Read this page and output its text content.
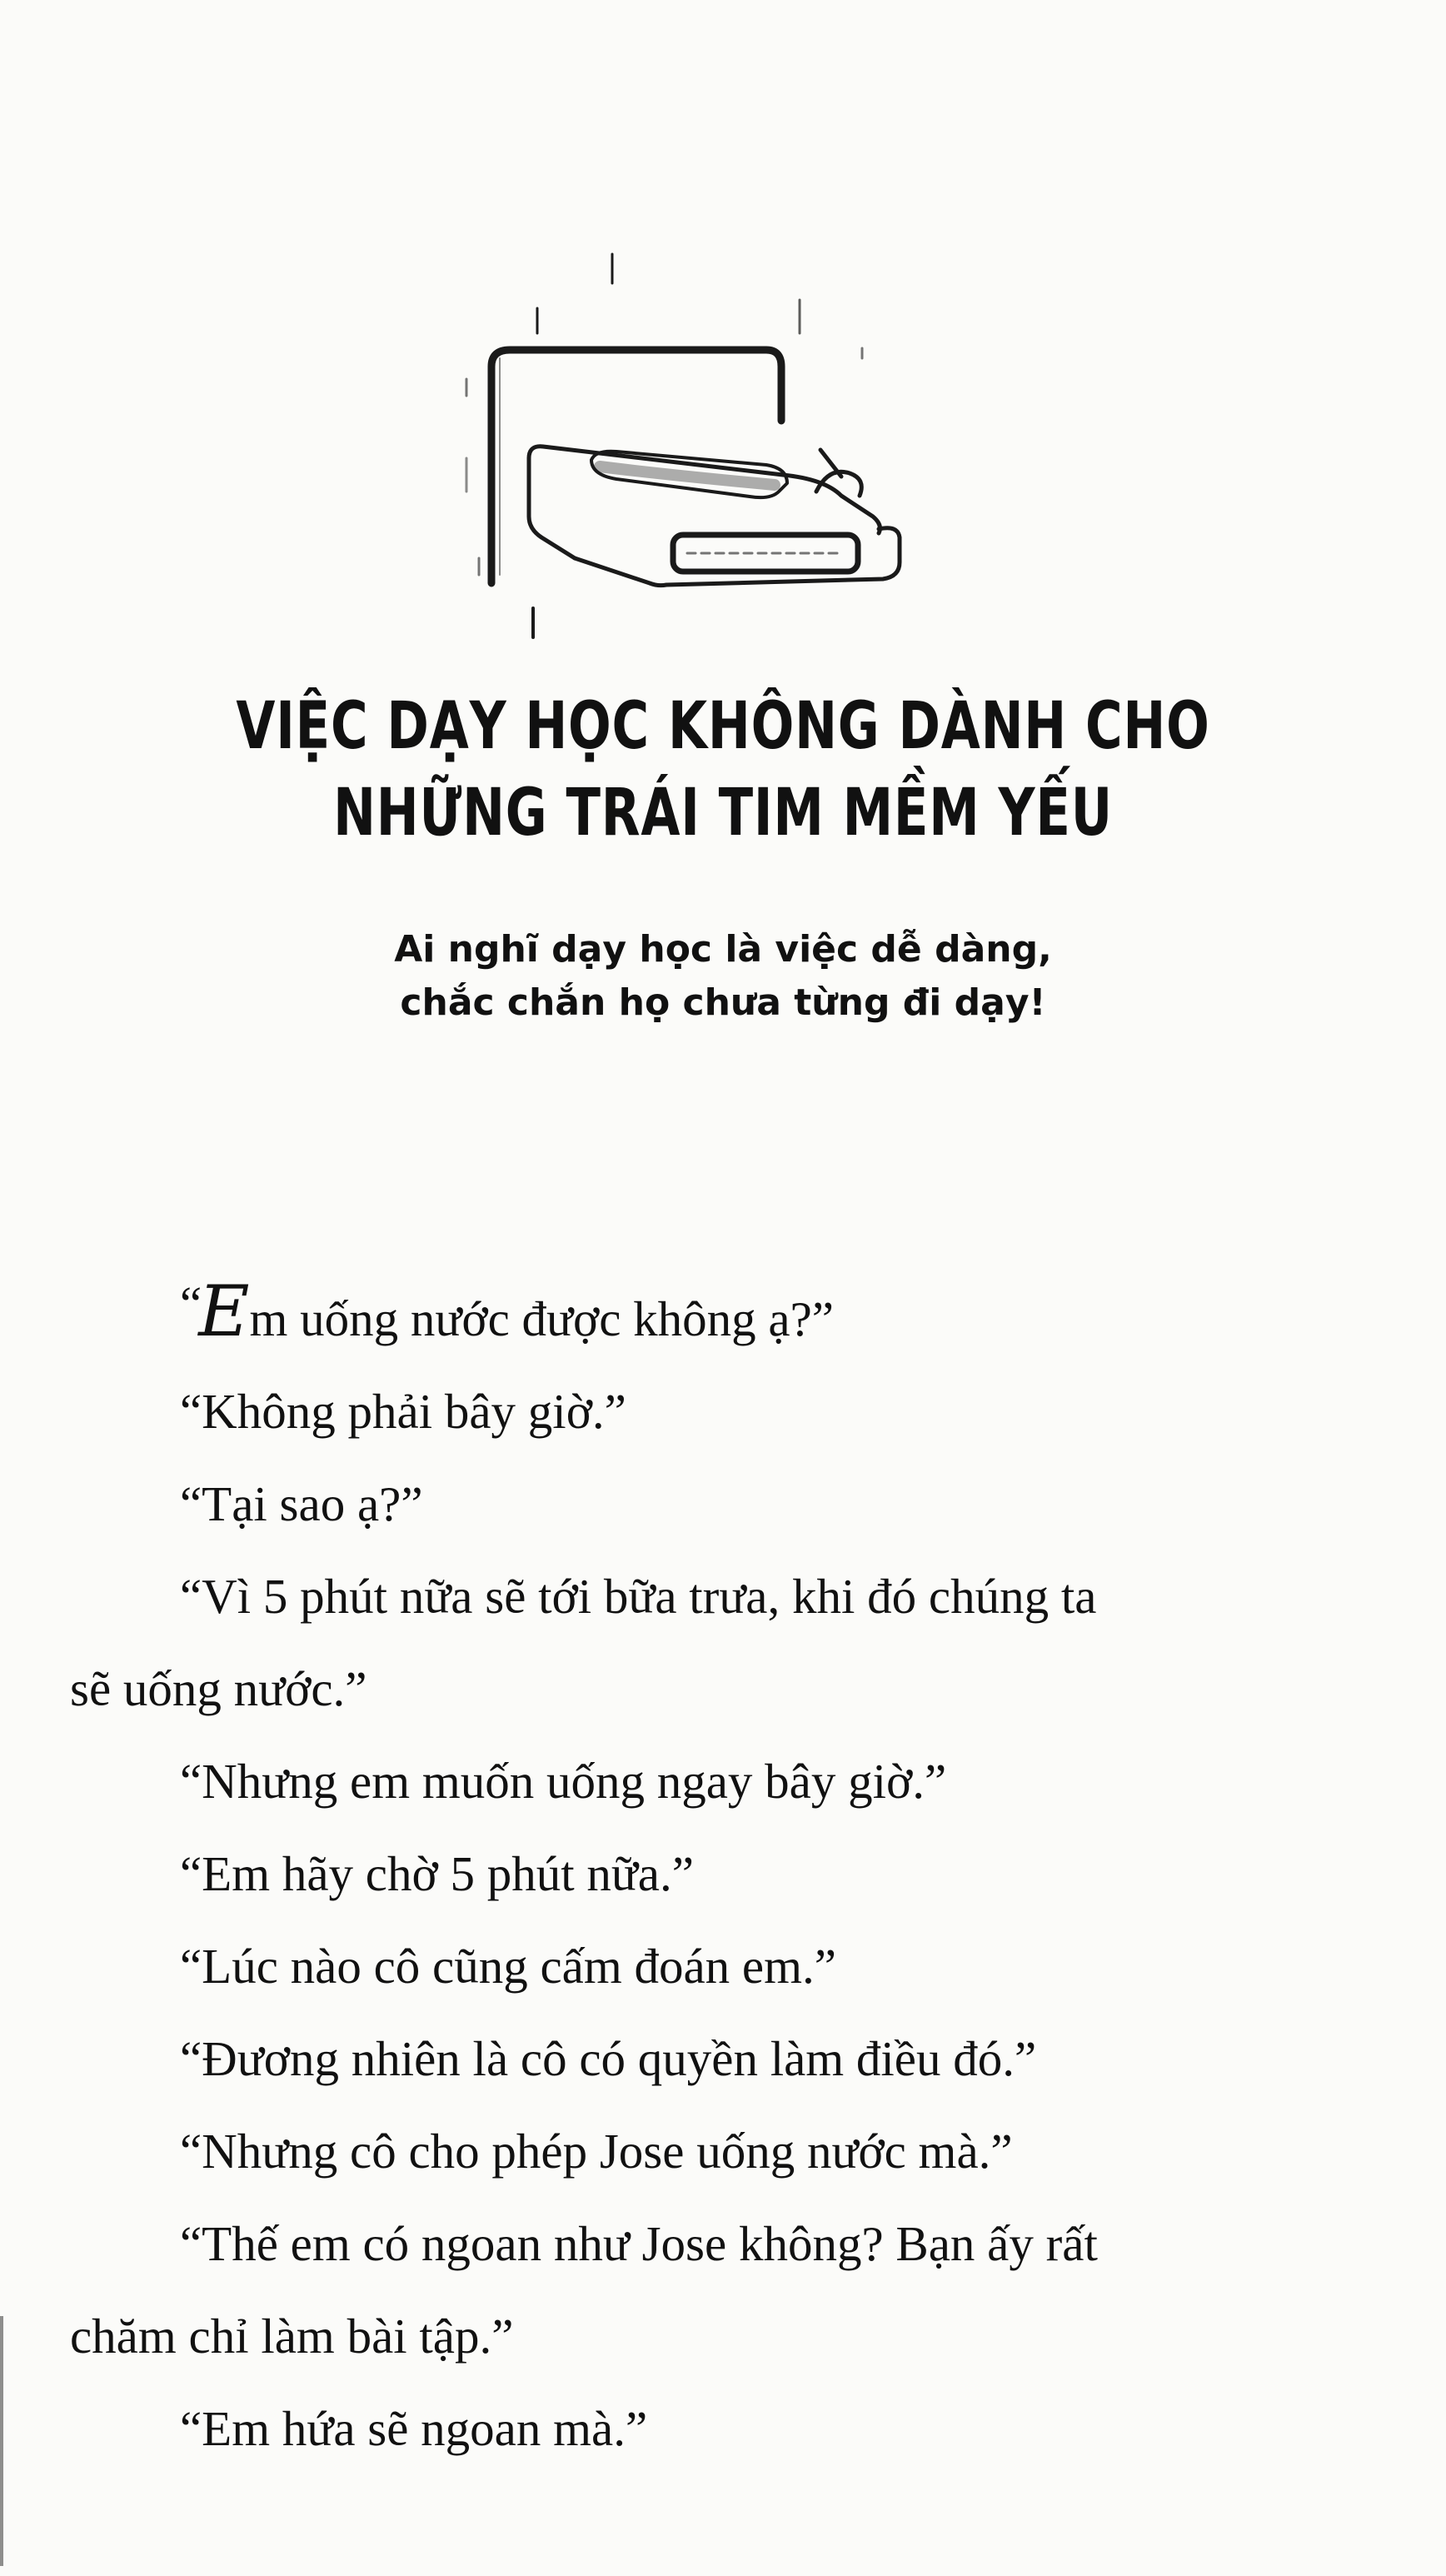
VIỆC DẠY HỌC KHÔNG DÀNH CHO
NHỮNG TRÁI TIM MỀM YẾU
Ai nghĩ dạy học là việc dễ dàng,
chắc chắn họ chưa từng đi dạy!
“Em uống nước được không ạ?”
“Không phải bây giờ.”
“Tại sao ạ?”
“Vì 5 phút nữa sẽ tới bữa trưa, khi đó chúng ta
sẽ uống nước.”
“Nhưng em muốn uống ngay bây giờ.”
“Em hãy chờ 5 phút nữa.”
“Lúc nào cô cũng cấm đoán em.”
“Đương nhiên là cô có quyền làm điều đó.”
“Nhưng cô cho phép Jose uống nước mà.”
“Thế em có ngoan như Jose không? Bạn ấy rất
chăm chỉ làm bài tập.”
“Em hứa sẽ ngoan mà.”
